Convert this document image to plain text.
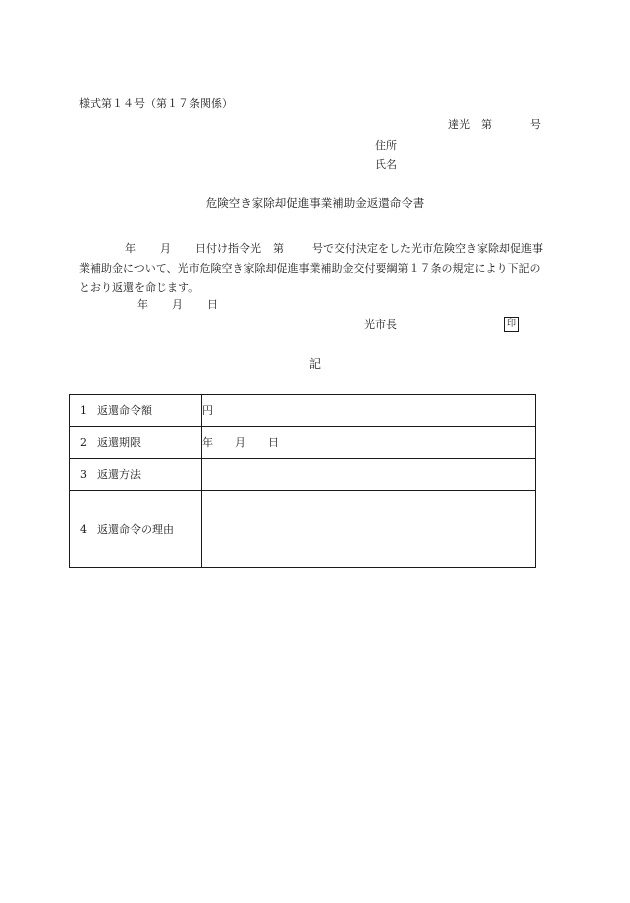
様式第１４号（第１７条関係）
達光 第	号
住所
氏名
危険空き家除却促進事業補助金返還命令書
年 月 日付け指令光 第	号で交付決定をした光市危険空き家除却促進事業補助金について、光市危険空き家除却促進事業補助金交付要綱第１７条の規定により下記のとおり返還を命じます。
年 月 日
光市長	印
記
1 返還命令額	円
2 返還期限	年 月 日
3 返還方法	
4 返還命令の理由	
